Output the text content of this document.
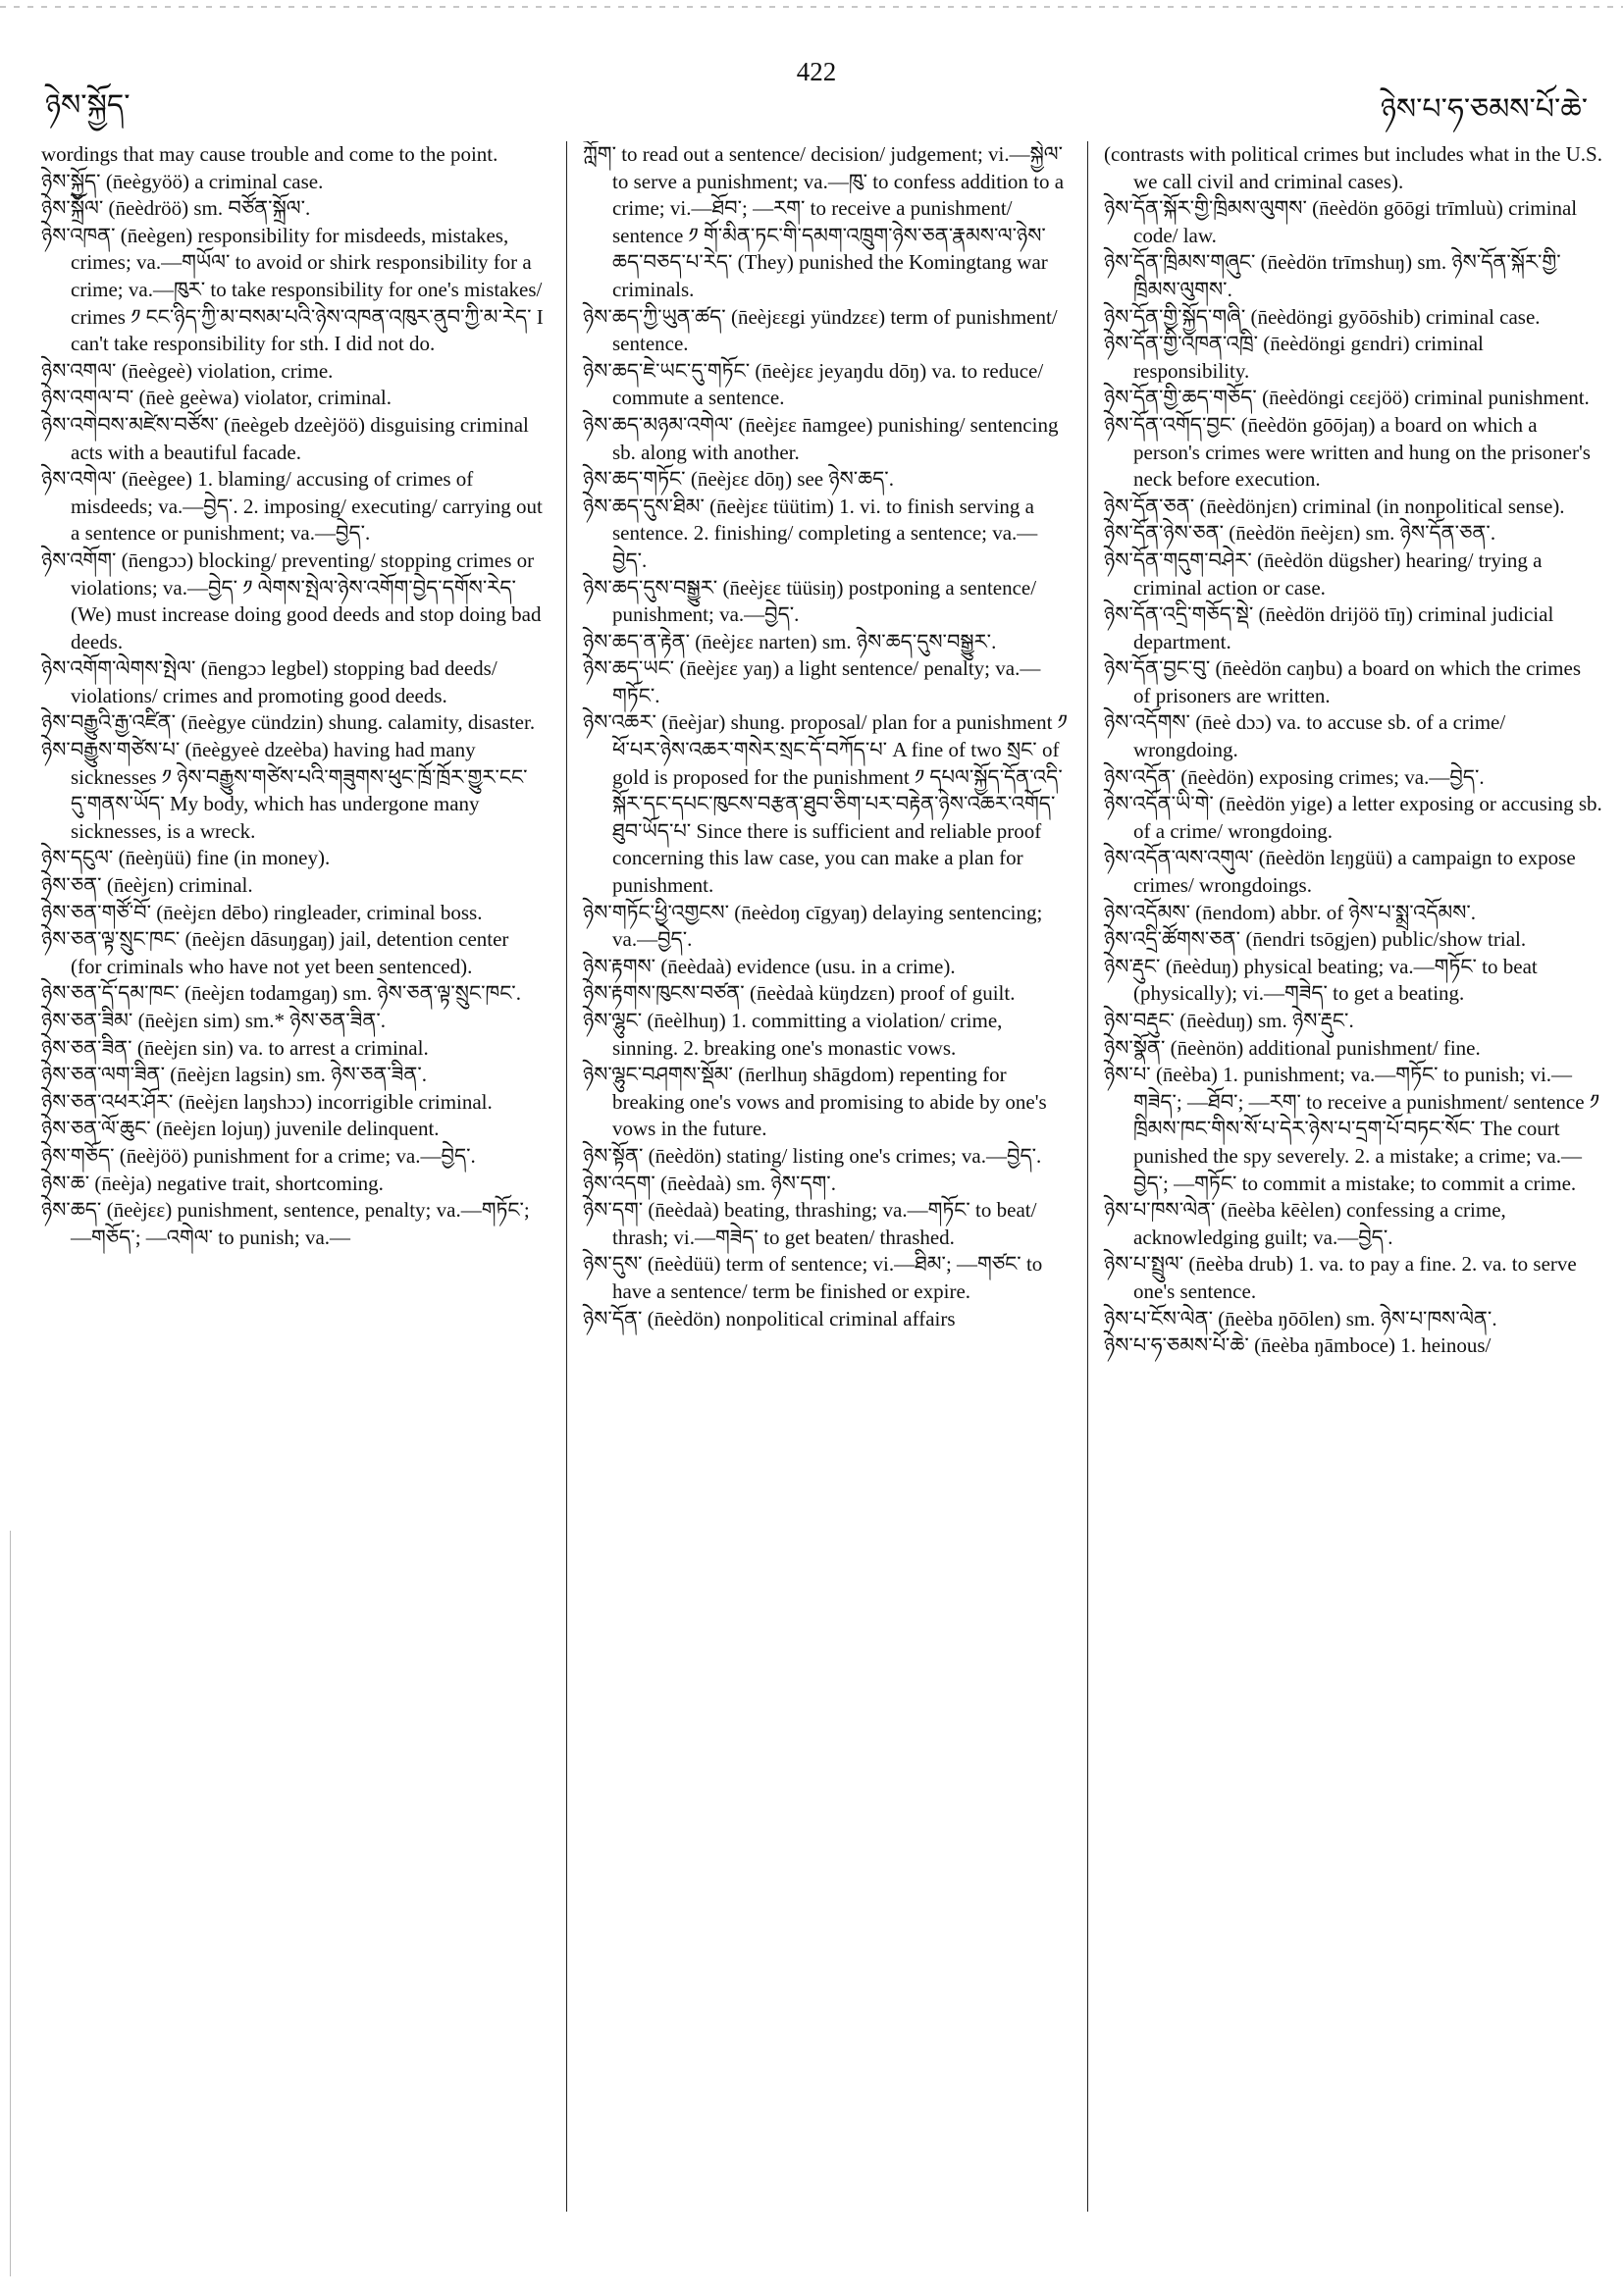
ཉེས་སྐྱོད་
422
ཉེས་པ་ཧ་ཅམས་པོ་ཆེ་

wordings that may cause trouble and come to the point.

ཉེས་སྐྱོད་ (n̄eègyöö) a criminal case.

ཉེས་སྐྲོལ་ (n̄eèdröö) sm. བཙོན་སྐྲོལ་.

ཉེས་འཁན་ (n̄eègen) responsibility for misdeeds, mistakes, crimes; va.—གཡོལ་ to avoid or shirk responsibility for a crime; va.—ཁུར་ to take responsibility for one's mistakes/ crimes ༡ ངང་ཉིད་ཀྱི་མ་བསམ་པའི་ཉེས་འཁན་འཁུར་ནུབ་ཀྱི་མ་རེད་ I can't take responsibility for sth. I did not do.

ཉེས་འགལ་ (n̄eègeè) violation, crime.

ཉེས་འགལ་བ་ (n̄eè geèwa) violator, criminal.

ཉེས་འགེབས་མཛེས་བཙོས་ (n̄eègeb dzeèjöö) disguising criminal acts with a beautiful facade.

ཉེས་འགེལ་ (n̄eègee) 1. blaming/ accusing of crimes of misdeeds; va.—བྱེད་. 2. imposing/ executing/ carrying out a sentence or punishment; va.—བྱེད་.

ཉེས་འགོག་ (n̄engɔɔ) blocking/ preventing/ stopping crimes or violations; va.—བྱེད་ ༡ ལེགས་སྤེལ་ཉེས་འགོག་བྱེད་དགོས་རེད་ (We) must increase doing good deeds and stop doing bad deeds.

ཉེས་འགོག་ལེགས་སྤེལ་ (n̄engɔɔ legbel) stopping bad deeds/ violations/ crimes and promoting good deeds.

ཉེས་བརྒྱུའི་རྒྱ་འཛིན་ (n̄eègye cündzin) shung. calamity, disaster.

ཉེས་བརྒྱུས་གཙེས་པ་ (n̄eègyeè dzeèba) having had many sicknesses ༡ ཉེས་བརྒྱུས་གཙེས་པའི་གཟུགས་ཕུང་ཁྲོ་ཁྲོར་གྱུར་ངང་དུ་གནས་ཡོད་ My body, which has undergone many sicknesses, is a wreck.

ཉེས་དངུལ་ (n̄eèŋüü) fine (in money).

ཉེས་ཅན་ (n̄eèjɛn) criminal.

ཉེས་ཅན་གཙོ་བོ་ (n̄eèjɛn dēbo) ringleader, criminal boss.

ཉེས་ཅན་ལྟ་སྲུང་ཁང་ (n̄eèjɛn dāsuŋgaŋ) jail, detention center (for criminals who have not yet been sentenced).

ཉེས་ཅན་དོ་དམ་ཁང་ (n̄eèjɛn todamgaŋ) sm. ཉེས་ཅན་ལྟ་སྲུང་ཁང་.

ཉེས་ཅན་ཟིམ་ (n̄eèjɛn sim) sm.* ཉེས་ཅན་ཟིན་.

ཉེས་ཅན་ཟིན་ (n̄eèjɛn sin) va. to arrest a criminal.

ཉེས་ཅན་ལག་ཟིན་ (n̄eèjɛn lagsin) sm. ཉེས་ཅན་ཟིན་.

ཉེས་ཅན་འཕར་ཤོར་ (n̄eèjɛn laŋshɔɔ) incorrigible criminal.

ཉེས་ཅན་ལོ་ཆུང་ (n̄eèjɛn lojuŋ) juvenile delinquent.

ཉེས་གཅོད་ (n̄eèjöö) punishment for a crime; va.—བྱེད་.

ཉེས་ཆ་ (n̄eèja) negative trait, shortcoming.

ཉེས་ཆད་ (n̄eèjɛɛ) punishment, sentence, penalty; va.—གཏོང་; —གཅོད་; —འགེལ་ to punish; va.—

ཀློག་ to read out a sentence/ decision/ judgement; vi.—སྐྱེལ་ to serve a punishment; va.—ཁུ་ to confess addition to a crime; vi.—ཐོབ་; —རག་ to receive a punishment/ sentence ༡ གོ་མིན་ཏང་གི་དམག་འཁྲུག་ཉེས་ཅན་རྣམས་ལ་ཉེས་ཆད་བཅད་པ་རེད་ (They) punished the Komingtang war criminals.

ཉེས་ཆད་ཀྱི་ཡུན་ཚད་ (n̄eèjɛɛgi yündzɛɛ) term of punishment/ sentence.

ཉེས་ཆད་ཇེ་ཡང་དུ་གཏོང་ (n̄eèjɛɛ jeyaŋdu dōŋ) va. to reduce/ commute a sentence.

ཉེས་ཆད་མཉམ་འགེལ་ (n̄eèjɛɛ n̄amgee) punishing/ sentencing sb. along with another.

ཉེས་ཆད་གཏོང་ (n̄eèjɛɛ dōŋ) see ཉེས་ཆད་.

ཉེས་ཆད་དུས་ཐིམ་ (n̄eèjɛɛ tüütim) 1. vi. to finish serving a sentence. 2. finishing/ completing a sentence; va.—བྱེད་.

ཉེས་ཆད་དུས་བསྒྱུར་ (n̄eèjɛɛ tüüsiŋ) postponing a sentence/ punishment; va.—བྱེད་.

ཉེས་ཆད་ན་རྟེན་ (n̄eèjɛɛ narten) sm. ཉེས་ཆད་དུས་བསྒྱུར་.

ཉེས་ཆད་ཡང་ (n̄eèjɛɛ yaŋ) a light sentence/ penalty; va.—གཏོང་.

ཉེས་འཆར་ (n̄eèjar) shung. proposal/ plan for a punishment ༡ ཕོ་པར་ཉེས་འཆར་གསེར་སྲང་དོ་བཀོད་པ་ A fine of two སྲང་ of gold is proposed for the punishment ༡ དཔལ་སྐྱོད་དོན་འདི་སྐོར་དང་དཔང་ཁུངས་བརྩན་ཐུབ་ཅིག་པར་བརྟེན་ཉེས་འཆར་འགོད་ཐུབ་ཡོད་པ་ Since there is sufficient and reliable proof concerning this law case, you can make a plan for punishment.

ཉེས་གཏོང་ཕྱི་འགྱངས་ (n̄eèdoŋ cīgyaŋ) delaying sentencing; va.—བྱེད་.

ཉེས་རྟགས་ (n̄eèdaà) evidence (usu. in a crime).

ཉེས་རྟགས་ཁུངས་བཙན་ (n̄eèdaà küŋdzɛn) proof of guilt.

ཉེས་ལྷུང་ (n̄eèlhuŋ) 1. committing a violation/ crime, sinning. 2. breaking one's monastic vows.

ཉེས་ལྷུང་བཤགས་སྡོམ་ (n̄erlhuŋ shāgdom) repenting for breaking one's vows and promising to abide by one's vows in the future.

ཉེས་སྟོན་ (n̄eèdön) stating/ listing one's crimes; va.—བྱེད་.

ཉེས་འདག་ (n̄eèdaà) sm. ཉེས་དག་.

ཉེས་དག་ (n̄eèdaà) beating, thrashing; va.—གཏོང་ to beat/ thrash; vi.—གཟེད་ to get beaten/ thrashed.

ཉེས་དུས་ (n̄eèdüü) term of sentence; vi.—ཐིམ་; —གཙང་ to have a sentence/ term be finished or expire.

ཉེས་དོན་ (n̄eèdön) nonpolitical criminal affairs

(contrasts with political crimes but includes what in the U.S. we call civil and criminal cases).

ཉེས་དོན་སྐོར་གྱི་ཁྲིམས་ལུགས་ (n̄eèdön gōōgi trīmluù) criminal code/ law.

ཉེས་དོན་ཁྲིམས་གཞུང་ (n̄eèdön trīmshuŋ) sm. ཉེས་དོན་སྐོར་གྱི་ཁྲིམས་ལུགས་.

ཉེས་དོན་གྱི་སྐྱོད་གཞི་ (n̄eèdöngi gyōōshib) criminal case.

ཉེས་དོན་གྱི་འཁན་འཁྲི་ (n̄eèdöngi gɛndri) criminal responsibility.

ཉེས་དོན་གྱི་ཆད་གཅོད་ (n̄eèdöngi cɛɛjöö) criminal punishment.

ཉེས་དོན་འགོད་བྱང་ (n̄eèdön gōōjaŋ) a board on which a person's crimes were written and hung on the prisoner's neck before execution.

ཉེས་དོན་ཅན་ (n̄eèdönjɛn) criminal (in nonpolitical sense).

ཉེས་དོན་ཉེས་ཅན་ (n̄eèdön n̄eèjɛn) sm. ཉེས་དོན་ཅན་.

ཉེས་དོན་གདུག་བཤེར་ (n̄eèdön dügsher) hearing/ trying a criminal action or case.

ཉེས་དོན་འདྲི་གཅོད་སྡེ་ (n̄eèdön drijöö tīŋ) criminal judicial department.

ཉེས་དོན་བྱང་བུ་ (n̄eèdön caŋbu) a board on which the crimes of prisoners are written.

ཉེས་འདོགས་ (n̄eè dɔɔ) va. to accuse sb. of a crime/ wrongdoing.

ཉེས་འདོན་ (n̄eèdön) exposing crimes; va.—བྱེད་.

ཉེས་འདོན་ཡི་གེ་ (n̄eèdön yige) a letter exposing or accusing sb. of a crime/ wrongdoing.

ཉེས་འདོན་ལས་འགུལ་ (n̄eèdön lɛŋgüü) a campaign to expose crimes/ wrongdoings.

ཉེས་འདོམས་ (n̄endom) abbr. of ཉེས་པ་སྨྲ་འདོམས་.

ཉེས་འདྲི་ཚོགས་ཅན་ (n̄endri tsōgjen) public/show trial.

ཉེས་རྡུང་ (n̄eèduŋ) physical beating; va.—གཏོང་ to beat (physically); vi.—གཟེད་ to get a beating.

ཉེས་བརྡུང་ (n̄eèduŋ) sm. ཉེས་རྡུང་.

ཉེས་སྣོན་ (n̄eènön) additional punishment/ fine.

ཉེས་པ་ (n̄eèba) 1. punishment; va.—གཏོང་ to punish; vi.—གཟེད་; —ཐོབ་; —རག་ to receive a punishment/ sentence ༡ ཁྲིམས་ཁང་གིས་སོ་པ་དེར་ཉེས་པ་དྲག་པོ་བཏང་སོང་ The court punished the spy severely. 2. a mistake; a crime; va.—བྱེད་; —གཏོང་ to commit a mistake; to commit a crime.

ཉེས་པ་ཁས་ལེན་ (n̄eèba kēèlen) confessing a crime, acknowledging guilt; va.—བྱེད་.

ཉེས་པ་སྤྲུལ་ (n̄eèba drub) 1. va. to pay a fine. 2. va. to serve one's sentence.

ཉེས་པ་ངོས་ལེན་ (n̄eèba ŋōōlen) sm. ཉེས་པ་ཁས་ལེན་.

ཉེས་པ་ཧ་ཅམས་པོ་ཆེ་ (n̄eèba ŋāmboce) 1. heinous/
